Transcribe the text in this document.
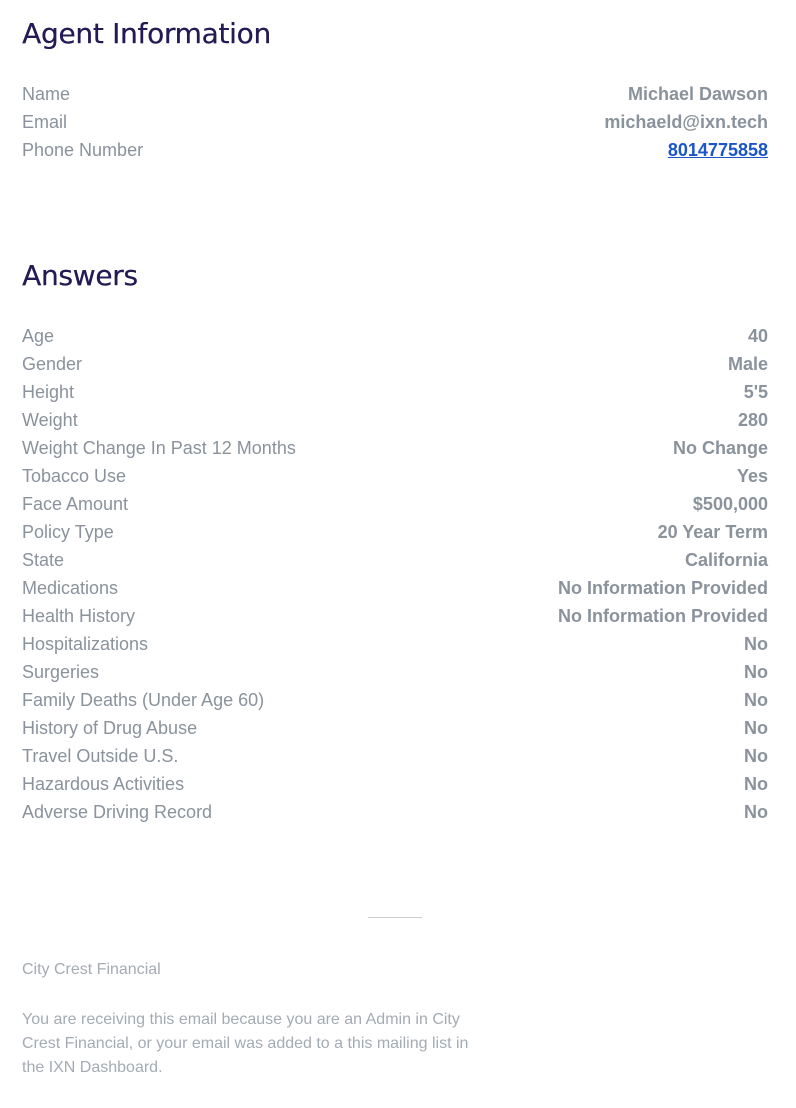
Agent Information
Name	Michael Dawson
Email	michaeld@ixn.tech
Phone Number	8014775858
Answers
Age	40
Gender	Male
Height	5'5
Weight	280
Weight Change In Past 12 Months	No Change
Tobacco Use	Yes
Face Amount	$500,000
Policy Type	20 Year Term
State	California
Medications	No Information Provided
Health History	No Information Provided
Hospitalizations	No
Surgeries	No
Family Deaths (Under Age 60)	No
History of Drug Abuse	No
Travel Outside U.S.	No
Hazardous Activities	No
Adverse Driving Record	No

City Crest Financial

You are receiving this email because you are an Admin in City Crest Financial, or your email was added to a this mailing list in the IXN Dashboard.
